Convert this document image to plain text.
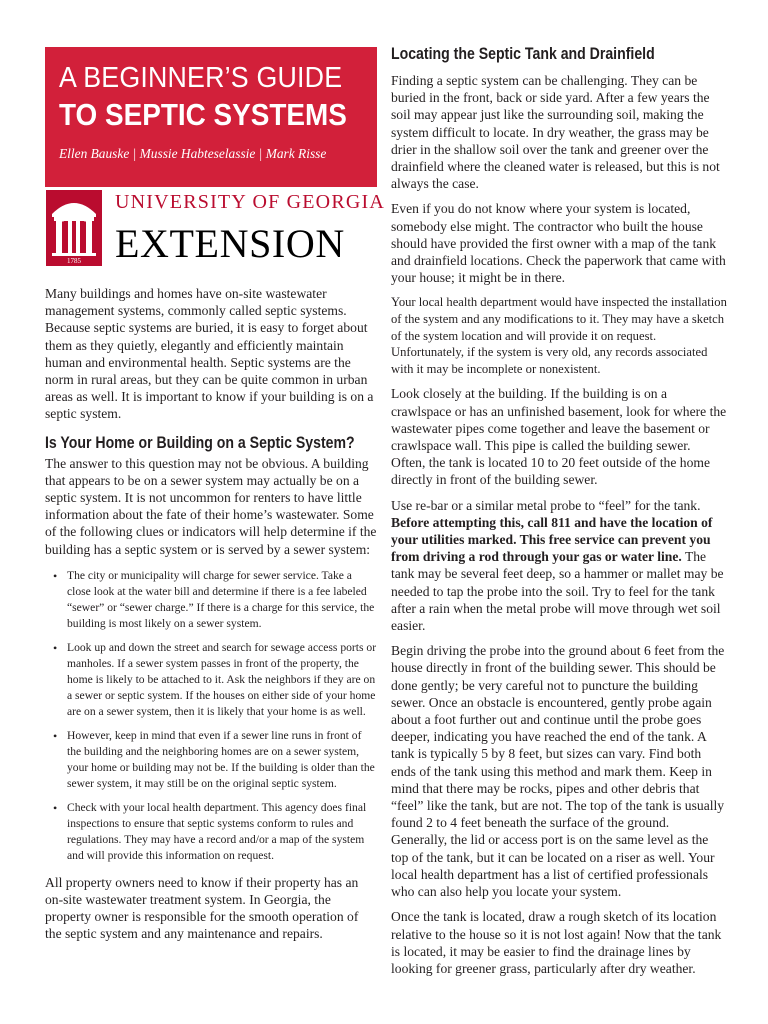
A BEGINNER’S GUIDE
TO SEPTIC SYSTEMS
Ellen Bauske | Mussie Habteselassie | Mark Risse
1785
UNIVERSITY OF GEORGIA
EXTENSION

Many buildings and homes have on-site wastewater management systems, commonly called septic systems. Because septic systems are buried, it is easy to forget about them as they quietly, elegantly and efficiently maintain human and environmental health. Septic systems are the norm in rural areas, but they can be quite common in urban areas as well. It is important to know if your building is on a septic system.

Is Your Home or Building on a Septic System?

The answer to this question may not be obvious. A building that appears to be on a sewer system may actually be on a septic system. It is not uncommon for renters to have little information about the fate of their home’s wastewater. Some of the following clues or indicators will help determine if the building has a septic system or is served by a sewer system:

• The city or municipality will charge for sewer service. Take a close look at the water bill and determine if there is a fee labeled “sewer” or “sewer charge.” If there is a charge for this service, the building is most likely on a sewer system.
• Look up and down the street and search for sewage access ports or manholes. If a sewer system passes in front of the property, the home is likely to be attached to it. Ask the neighbors if they are on a sewer or septic system. If the houses on either side of your home are on a sewer system, then it is likely that your home is as well.
• However, keep in mind that even if a sewer line runs in front of the building and the neighboring homes are on a sewer system, your home or building may not be. If the building is older than the sewer system, it may still be on the original septic system.
• Check with your local health department. This agency does final inspections to ensure that septic systems conform to rules and regulations. They may have a record and/or a map of the system and will provide this information on request.

All property owners need to know if their property has an on-site wastewater treatment system. In Georgia, the property owner is responsible for the smooth operation of the septic system and any maintenance and repairs.

Locating the Septic Tank and Drainfield

Finding a septic system can be challenging. They can be buried in the front, back or side yard. After a few years the soil may appear just like the surrounding soil, making the system difficult to locate. In dry weather, the grass may be drier in the shallow soil over the tank and greener over the drainfield where the cleaned water is released, but this is not always the case.

Even if you do not know where your system is located, somebody else might. The contractor who built the house should have provided the first owner with a map of the tank and drainfield locations. Check the paperwork that came with your house; it might be in there.

Your local health department would have inspected the installation of the system and any modifications to it. They may have a sketch of the system location and will provide it on request. Unfortunately, if the system is very old, any records associated with it may be incomplete or nonexistent.

Look closely at the building. If the building is on a crawlspace or has an unfinished basement, look for where the wastewater pipes come together and leave the basement or crawlspace wall. This pipe is called the building sewer. Often, the tank is located 10 to 20 feet outside of the home directly in front of the building sewer.

Use re-bar or a similar metal probe to “feel” for the tank. Before attempting this, call 811 and have the location of your utilities marked. This free service can prevent you from driving a rod through your gas or water line. The tank may be several feet deep, so a hammer or mallet may be needed to tap the probe into the soil. Try to feel for the tank after a rain when the metal probe will move through wet soil easier.

Begin driving the probe into the ground about 6 feet from the house directly in front of the building sewer. This should be done gently; be very careful not to puncture the building sewer. Once an obstacle is encountered, gently probe again about a foot further out and continue until the probe goes deeper, indicating you have reached the end of the tank. A tank is typically 5 by 8 feet, but sizes can vary. Find both ends of the tank using this method and mark them. Keep in mind that there may be rocks, pipes and other debris that “feel” like the tank, but are not. The top of the tank is usually found 2 to 4 feet beneath the surface of the ground. Generally, the lid or access port is on the same level as the top of the tank, but it can be located on a riser as well. Your local health department has a list of certified professionals who can also help you locate your system.

Once the tank is located, draw a rough sketch of its location relative to the house so it is not lost again! Now that the tank is located, it may be easier to find the drainage lines by looking for greener grass, particularly after dry weather.
